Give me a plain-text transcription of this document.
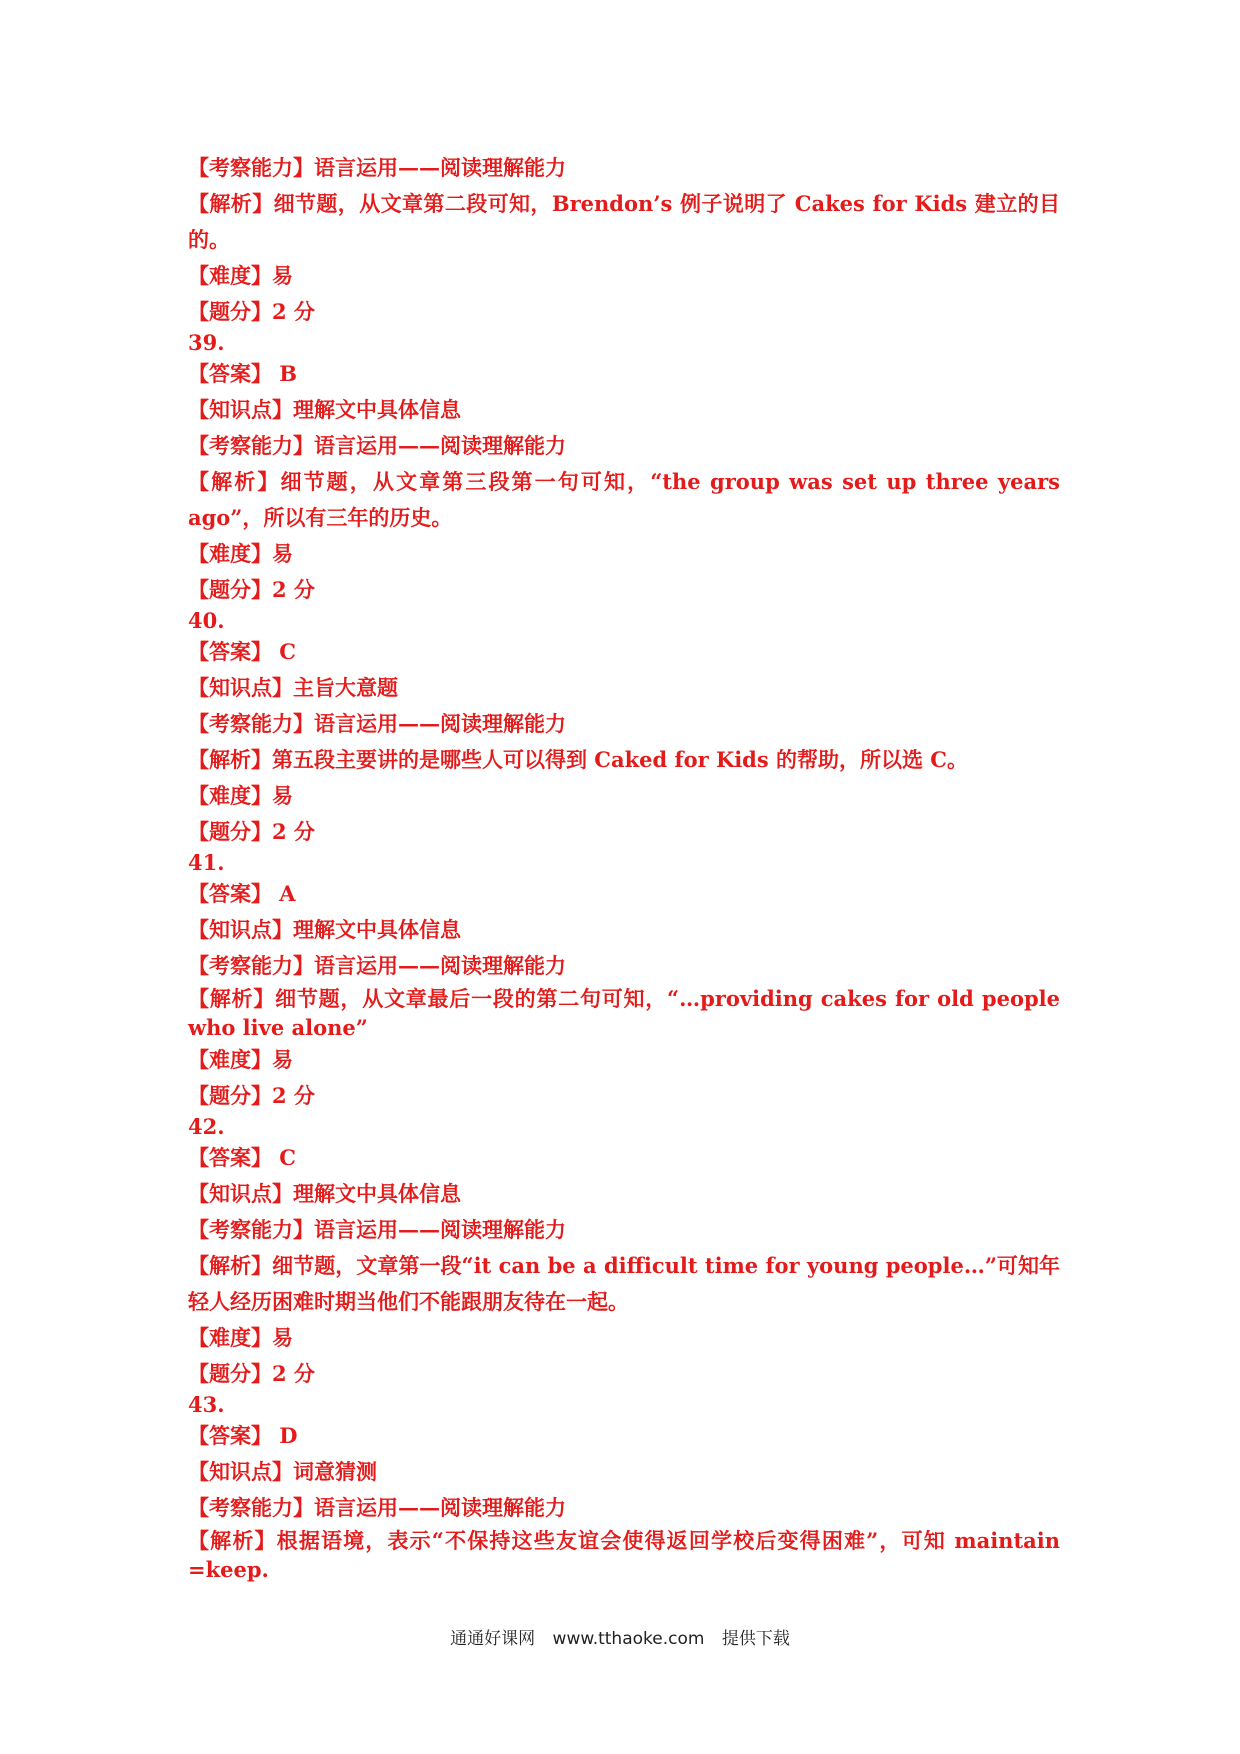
【考察能力】语言运用——阅读理解能力
【解析】细节题，从文章第二段可知，Brendon’s 例子说明了 Cakes for Kids 建立的目的。
【难度】易
【题分】2 分
39.
【答案】 B
【知识点】理解文中具体信息
【考察能力】语言运用——阅读理解能力
【解析】细节题，从文章第三段第一句可知，“the group was set up three years ago”，所以有三年的历史。
【难度】易
【题分】2 分
40.
【答案】 C
【知识点】主旨大意题
【考察能力】语言运用——阅读理解能力
【解析】第五段主要讲的是哪些人可以得到 Caked for Kids 的帮助，所以选 C。
【难度】易
【题分】2 分
41.
【答案】 A
【知识点】理解文中具体信息
【考察能力】语言运用——阅读理解能力
【解析】细节题，从文章最后一段的第二句可知，“…providing cakes for old people who live alone”
【难度】易
【题分】2 分
42.
【答案】 C
【知识点】理解文中具体信息
【考察能力】语言运用——阅读理解能力
【解析】细节题，文章第一段“it can be a difficult time for young people…”可知年轻人经历困难时期当他们不能跟朋友待在一起。
【难度】易
【题分】2 分
43.
【答案】 D
【知识点】词意猜测
【考察能力】语言运用——阅读理解能力
【解析】根据语境，表示“不保持这些友谊会使得返回学校后变得困难”，可知 maintain =keep.
通通好课网 www.tthaoke.com 提供下载
